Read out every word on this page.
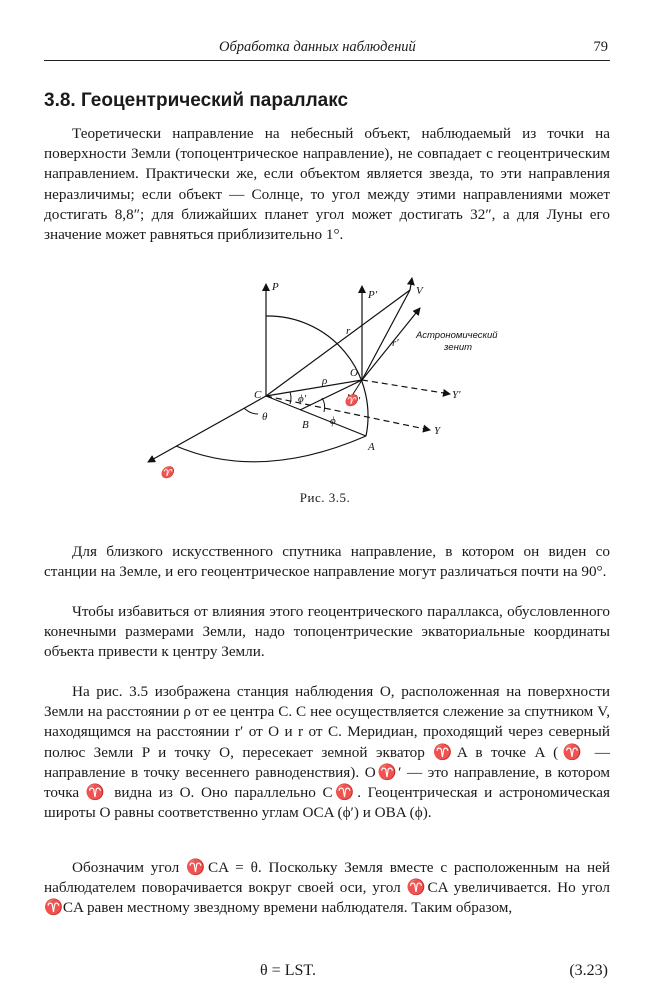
Обработка данных наблюдений	79
3.8. Геоцентрический параллакс

Теоретически направление на небесный объект, наблюдаемый из точки на поверхности Земли (топоцентрическое направление), не совпадает с геоцентрическим направлением. Практически же, если объектом является звезда, то эти направления неразличимы; если объект — Солнце, то угол между этими направлениями может достигать 8,8″; для ближайших планет угол может достигать 32″, а для Луны его значение может равняться приблизительно 1°.

P
P′	V
r
r′
Астрономический
зенит
ρ
O
C	ϕ′	♈′	Y′
θ
B ϕ
Y
A
♈
Рис. 3.5.

Для близкого искусственного спутника направление, в котором он виден со станции на Земле, и его геоцентрическое направление могут различаться почти на 90°.

Чтобы избавиться от влияния этого геоцентрического параллакса, обусловленного конечными размерами Земли, надо топоцентрические экваториальные координаты объекта привести к центру Земли.

На рис. 3.5 изображена станция наблюдения O, расположенная на поверхности Земли на расстоянии ρ от ее центра C. С нее осуществляется слежение за спутником V, находящимся на расстоянии r′ от O и r от C. Меридиан, проходящий через северный полюс Земли P и точку O, пересекает земной экватор ♈A в точке A (♈ — направление в точку весеннего равноденствия). O♈′ — это направление, в котором точка ♈ видна из O. Оно параллельно C♈. Геоцентрическая и астрономическая широты O равны соответственно углам OCA (ϕ′) и OBA (ϕ).

Обозначим угол ♈CA = θ. Поскольку Земля вместе с расположенным на ней наблюдателем поворачивается вокруг своей оси, угол ♈CA увеличивается. Но угол ♈CA равен местному звездному времени наблюдателя. Таким образом,

θ = LST.	(3.23)
